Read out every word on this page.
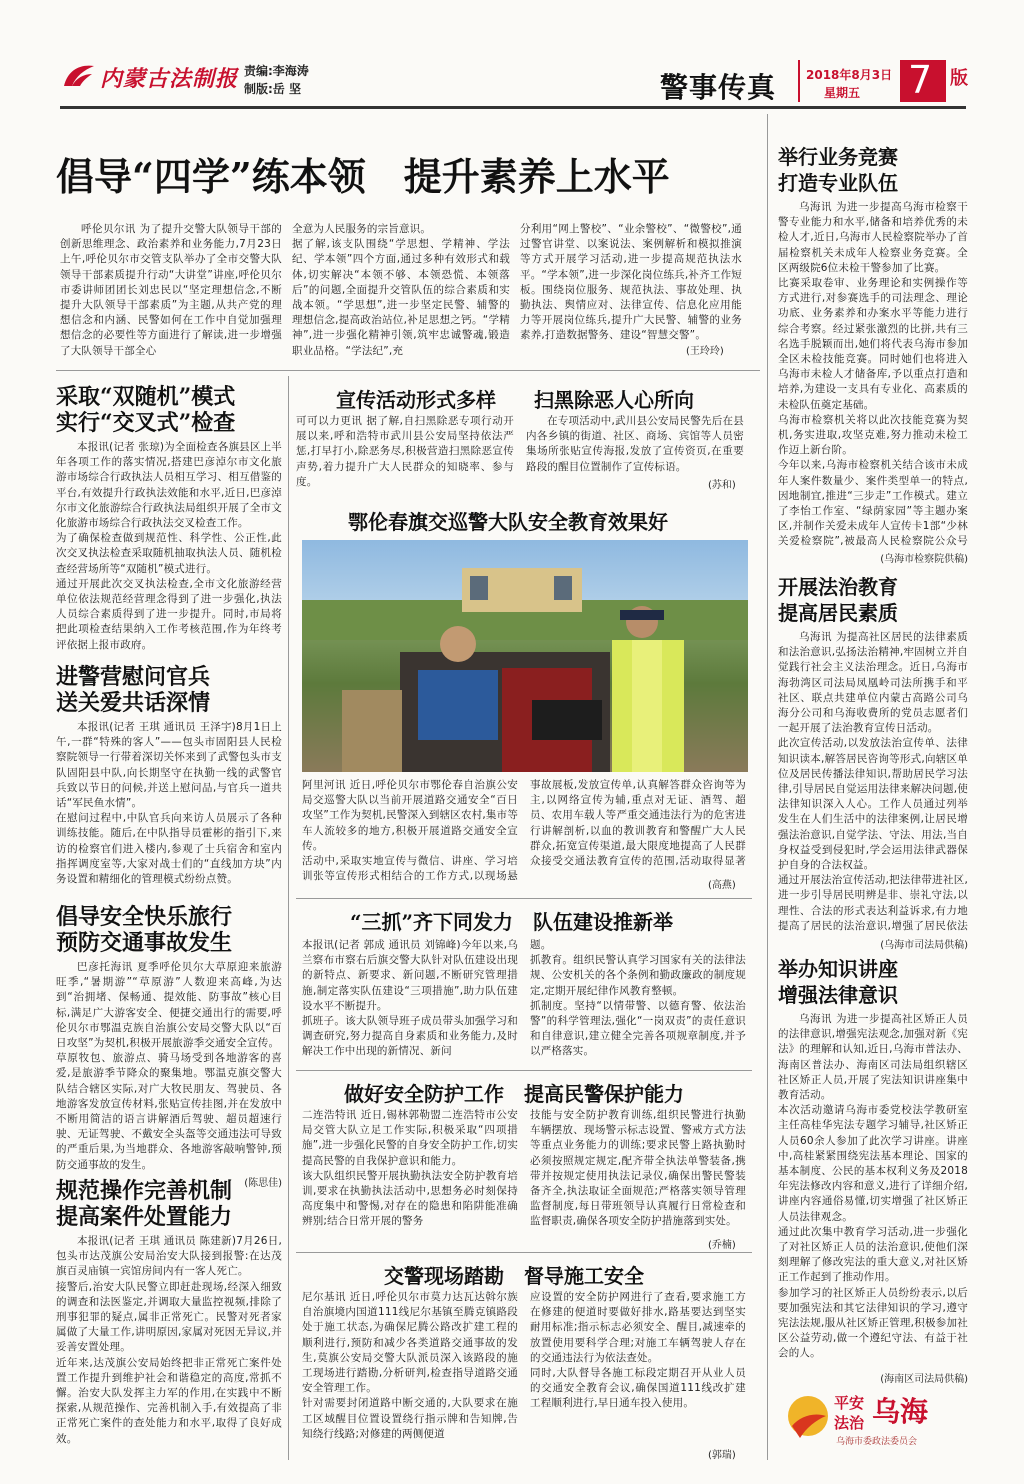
内蒙古法制报 责编:李海涛
制版:岳 坚	警事传真 2018年8月3日
星期五 7 版
倡导“四学”练本领　提升素养上水平

呼伦贝尔讯 为了提升交警大队领导干部的创新思维理念、政治素养和业务能力,7月23日上午,呼伦贝尔市交管支队举办了全市交警大队领导干部素质提升行动“大讲堂”讲座,呼伦贝尔市委讲师团团长刘忠民以“坚定理想信念,不断提升大队领导干部素质”为主题,从共产党的理想信念和内涵、民警如何在工作中自觉加强理想信念的必要性等方面进行了解读,进一步增强了大队领导干部全心

全意为人民服务的宗旨意识。
据了解,该支队围绕“学思想、学精神、学法纪、学本领”四个方面,通过多种有效形式和载体,切实解决“本领不够、本领恐慌、本领落后”的问题,全面提升交管队伍的综合素质和实战本领。“学思想”,进一步坚定民警、辅警的理想信念,提高政治站位,补足思想之钙。“学精神”,进一步强化精神引领,筑牢忠诚警魂,锻造职业品格。“学法纪”,充

分利用“网上警校”、“业余警校”、“微警校”,通过警官讲堂、以案说法、案例解析和模拟推演等方式开展学习活动,进一步提高规范执法水平。“学本领”,进一步深化岗位练兵,补齐工作短板。围绕岗位服务、规范执法、事故处理、执勤执法、舆情应对、法律宣传、信息化应用能力等开展岗位练兵,提升广大民警、辅警的业务素养,打造数据警务、建设“智慧交警”。

(王玲玲)
采取“双随机”模式
实行“交叉式”检查

本报讯(记者 张琼)为全面检查各旗县区上半年各项工作的落实情况,搭建巴彦淖尔市文化旅游市场综合行政执法人员相互学习、相互借鉴的平台,有效提升行政执法效能和水平,近日,巴彦淖尔市文化旅游综合行政执法局组织开展了全市文化旅游市场综合行政执法交叉检查工作。
为了确保检查做到规范性、科学性、公正性,此次交叉执法检查采取随机抽取执法人员、随机检查经营场所等“双随机”模式进行。
通过开展此次交叉执法检查,全市文化旅游经营单位依法规范经营理念得到了进一步强化,执法人员综合素质得到了进一步提升。同时,市局将把此项检查结果纳入工作考核范围,作为年终考评依据上报市政府。

进警营慰问官兵
送关爱共话深情

本报讯(记者 王琪 通讯员 王泽宇)8月1日上午,一群“特殊的客人”——包头市固阳县人民检察院领导一行带着深切关怀来到了武警包头市支队固阳县中队,向长期坚守在执勤一线的武警官兵致以节日的问候,并送上慰问品,与官兵一道共话“军民鱼水情”。
在慰问过程中,中队官兵向来访人员展示了各种训练技能。随后,在中队指导员霍彬的指引下,来访的检察官们进入楼内,参观了士兵宿舍和室内指挥调度室等,大家对战士们的“直线加方块”内务设置和精细化的管理模式纷纷点赞。

倡导安全快乐旅行
预防交通事故发生

巴彦托海讯 夏季呼伦贝尔大草原迎来旅游旺季,“暑期游”“草原游”人数迎来高峰,为达到“治拥堵、保畅通、提效能、防事故”核心目标,满足广大游客安全、便捷交通出行的需要,呼伦贝尔市鄂温克族自治旗公安局交警大队以“百日攻坚”为契机,积极开展旅游季交通安全宣传。
草原牧包、旅游点、骑马场受到各地游客的喜爱,是旅游季节降众的聚集地。鄂温克旗交警大队结合辖区实际,对广大牧民朋友、驾驶员、各地游客发放宣传材料,张贴宣传挂图,并在发放中不断用简洁的语言讲解酒后驾驶、超员超速行驶、无证驾驶、不戴安全头盔等交通违法可导致的严重后果,为当地群众、各地游客敲响警钟,预防交通事故的发生。

(陈思佳)
规范操作完善机制
提高案件处置能力

本报讯(记者 王琪 通讯员 陈建新)7月26日,包头市达茂旗公安局治安大队接到报警:在达茂旗百灵庙镇一宾馆房间内有一客人死亡。
接警后,治安大队民警立即赶赴现场,经深入细致的调查和法医鉴定,并调取大量监控视频,排除了刑事犯罪的疑点,属非正常死亡。民警对死者家属做了大量工作,讲明原因,家属对死因无异议,并妥善安置处理。
近年来,达茂旗公安局始终把非正常死亡案件处置工作提升到维护社会和谐稳定的高度,常抓不懈。治安大队发挥主力军的作用,在实践中不断探索,从规范操作、完善机制入手,有效提高了非正常死亡案件的查处能力和水平,取得了良好成效。

宣传活动形式多样

可可以力更讯 据了解,自扫黑除恶专项行动开展以来,呼和浩特市武川县公安局坚持依法严惩,打早打小,除恶务尽,积极营造扫黑除恶宣传声势,着力提升广大人民群众的知晓率、参与度。

扫黑除恶人心所向

在专项活动中,武川县公安局民警先后在县内各乡镇的街道、社区、商场、宾馆等人员密集场所张贴宣传海报,发放了宣传资页,在重要路段的醒目位置制作了宣传标语。

(苏和)
鄂伦春旗交巡警大队安全教育效果好

阿里河讯 近日,呼伦贝尔市鄂伦春自治旗公安局交巡警大队以当前开展道路交通安全“百日攻坚”工作为契机,民警深入到辖区农村,集市等车人流较多的地方,积极开展道路交通安全宣传。
活动中,采取实地宣传与微信、讲座、学习培训张等宣传形式相结合的工作方式,以现场悬

事故展板,发放宣传单,认真解答群众咨询等为主,以网络宣传为辅,重点对无证、酒驾、超员、农用车载人等严重交通违法行为的危害进行讲解剖析,以血的教训教育和警醒广大人民群众,拓宽宣传渠道,最大限度地提高了人民群众接受交通法教育宣传的范围,活动取得显著

(高燕)
“三抓”齐下同发力　队伍建设推新举

本报讯(记者 郭成 通讯员 刘锦峰)今年以来,乌兰察布市察右后旗交警大队针对队伍建设出现的新特点、新要求、新问题,不断研究管理措施,制定落实队伍建设“三项措施”,助力队伍建设水平不断提升。
抓班子。该大队领导班子成员带头加强学习和调查研究,努力提高自身素质和业务能力,及时解决工作中出现的新情况、新问

题。
抓教育。组织民警认真学习国家有关的法律法规、公安机关的各个条例和勤政廉政的制度规定,定期开展纪律作风教育整顿。
抓制度。坚持“以情带警、以德育警、依法治警”的科学管理法,强化“一岗双责”的责任意识和自律意识,建立健全完善各项规章制度,并予以严格落实。

做好安全防护工作　提高民警保护能力

二连浩特讯 近日,锡林郭勒盟二连浩特市公安局交管大队立足工作实际,积极采取“四项措施”,进一步强化民警的自身安全防护工作,切实提高民警的自我保护意识和能力。
该大队组织民警开展执勤执法安全防护教育培训,要求在执勤执法活动中,思想务必时刻保持高度集中和警惕,对存在的隐患和陷阱能准确辨别;结合日常开展的警务

技能与安全防护教育训练,组织民警进行执勤车辆摆放、现场警示标志设置、警戒方式方法等重点业务能力的训练;要求民警上路执勤时必须按照规定规定,配齐带全执法单警装备,携带并按规定使用执法记录仪,确保出警民警装备齐全,执法取证全面规范;严格落实领导管理监督制度,每日带班领导认真履行日常检查和监督职责,确保各项安全防护措施落到实处。

(乔楠)
交警现场踏勘　督导施工安全

尼尔基讯 近日,呼伦贝尔市莫力达瓦达斡尔族自治旗境内国道111线尼尔基镇至腾克镇路段处于施工状态,为确保尼腾公路改扩建工程的顺利进行,预防和减少各类道路交通事故的发生,莫旗公安局交警大队派员深入该路段的施工现场进行踏勘,分析研判,检查指导道路交通安全管理工作。
针对需要封闭道路中断交通的,大队要求在施工区域醒目位置设置绕行指示牌和告知牌,告知绕行线路;对修建的两侧便道

应设置的安全防护网进行了查看,要求施工方在修建的便道时要做好排水,路基要达到坚实耐用标准;指示标志必须安全、醒目,减速牵的放置使用要科学合理;对施工车辆驾驶人存在的交通违法行为依法查处。
同时,大队督导各施工标段定期召开从业人员的交通安全教育会议,确保国道111线改扩建工程顺利进行,早日通车投入使用。

(郭瑞)
举行业务竞赛
打造专业队伍

乌海讯 为进一步提高乌海市检察干警专业能力和水平,储备和培养优秀的未检人才,近日,乌海市人民检察院举办了首届检察机关未成年人检察业务竞赛。全区两级院6位未检干警参加了比赛。
比赛采取卷审、业务理论和实例操作等方式进行,对参赛选手的司法理念、理论功底、业务素养和办案水平等能力进行综合考察。经过紧张激烈的比拼,共有三名选手脱颖而出,她们将代表乌海市参加全区未检技能竞赛。同时她们也将进入乌海市未检人才储备库,予以重点打造和培养,为建设一支具有专业化、高素质的未检队伍奠定基础。
乌海市检察机关将以此次技能竞赛为契机,务实进取,攻坚克难,努力推动未检工作迈上新台阶。
今年以来,乌海市检察机关结合该市未成年人案件数量少、案件类型单一的特点,因地制宜,推进“三步走”工作模式。建立了李怡工作室、“绿荫家园”等主题办案区,并制作关爱未成年人宣传卡1部“少林关爱检察院”,被最高人民检察院公众号

(乌海市检察院供稿)
开展法治教育
提高居民素质

乌海讯 为提高社区居民的法律素质和法治意识,弘扬法治精神,牢固树立并自觉践行社会主义法治理念。近日,乌海市海勃湾区司法局凤凰岭司法所携手和平社区、联点共建单位内蒙古高路公司乌海分公司和乌海收费所的党员志愿者们一起开展了法治教育宣传日活动。
此次宣传活动,以发放法治宣传单、法律知识读本,解答居民咨询等形式,向辖区单位及居民传播法律知识,帮助居民学习法律,引导居民自觉运用法律来解决问题,使法律知识深入人心。工作人员通过列举发生在人们生活中的法律案例,让居民增强法治意识,自觉学法、守法、用法,当自身权益受到侵犯时,学会运用法律武器保护自身的合法权益。
通过开展法治宣传活动,把法律带进社区,进一步引导居民明辨是非、崇礼守法,以理性、合法的形式表达利益诉求,有力地提高了居民的法治意识,增强了居民依法

(乌海市司法局供稿)
举办知识讲座
增强法律意识

乌海讯 为进一步提高社区矫正人员的法律意识,增强宪法观念,加强对新《宪法》的理解和认知,近日,乌海市普法办、海南区普法办、海南区司法局组织辖区社区矫正人员,开展了宪法知识讲座集中教育活动。
本次活动邀请乌海市委党校法学教研室主任高桂华宪法专题学习辅导,社区矫正人员60余人参加了此次学习讲座。讲座中,高桂紧紧围绕宪法基本理论、国家的基本制度、公民的基本权利义务及2018年宪法修改内容和意义,进行了详细介绍,讲座内容通俗易懂,切实增强了社区矫正人员法律观念。
通过此次集中教育学习活动,进一步强化了对社区矫正人员的法治意识,使他们深刻理解了修改宪法的重大意义,对社区矫正工作起到了推动作用。
参加学习的社区矫正人员纷纷表示,以后要加强宪法和其它法律知识的学习,遵守宪法法规,服从社区矫正管理,积极参加社区公益劳动,做一个遵纪守法、有益于社会的人。

(海南区司法局供稿)
平安
法治 乌海
乌海市委政法委员会
